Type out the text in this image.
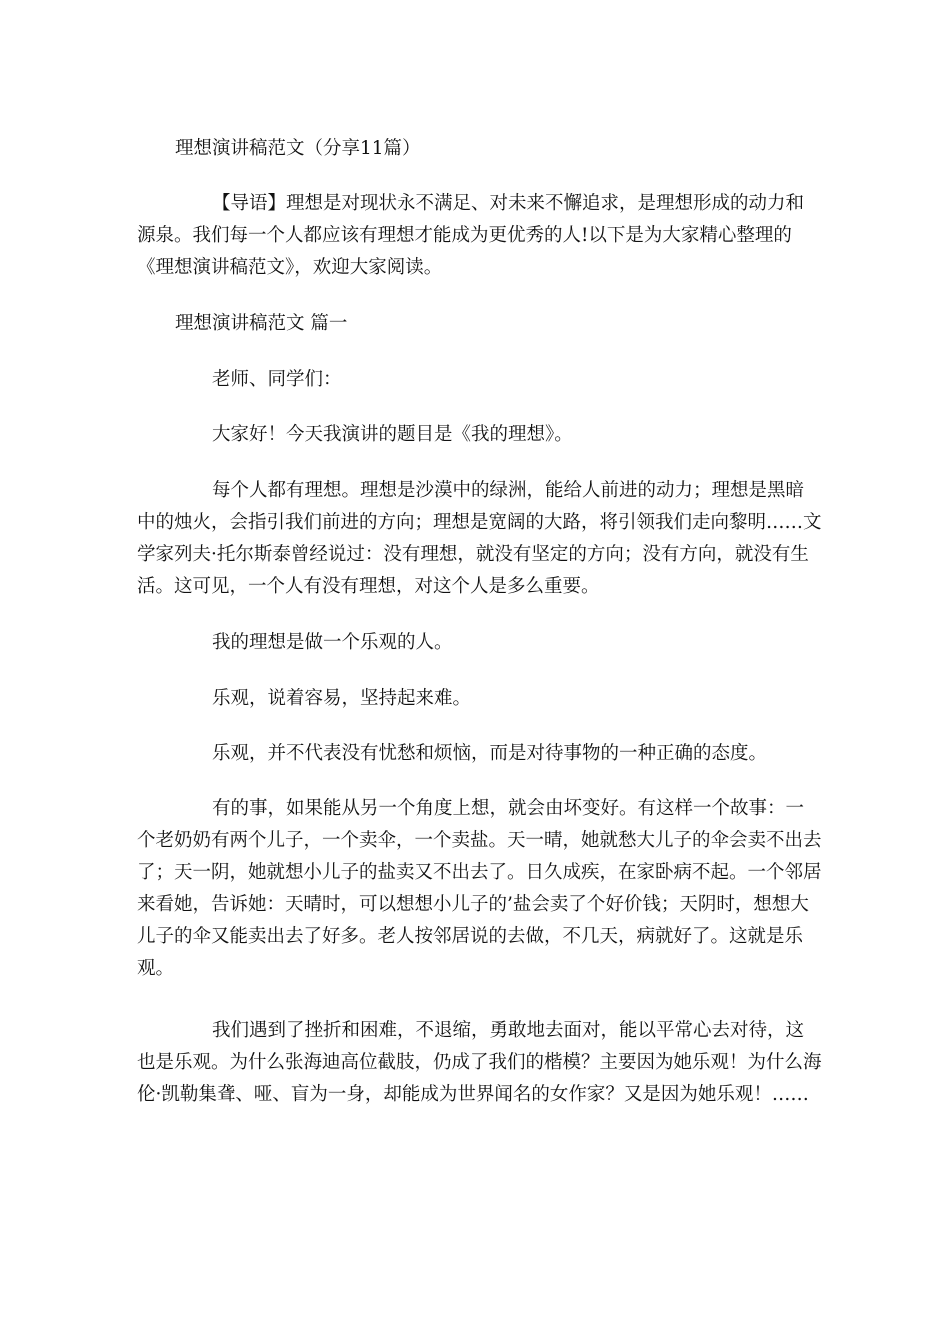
理想演讲稿范文（分享11篇）

【导语】理想是对现状永不满足、对未来不懈追求，是理想形成的动力和源泉。我们每一个人都应该有理想才能成为更优秀的人!以下是为大家精心整理的《理想演讲稿范文》，欢迎大家阅读。

理想演讲稿范文 篇一

老师、同学们：

大家好！今天我演讲的题目是《我的理想》。

每个人都有理想。理想是沙漠中的绿洲，能给人前进的动力；理想是黑暗中的烛火，会指引我们前进的方向；理想是宽阔的大路，将引领我们走向黎明……文学家列夫·托尔斯泰曾经说过：没有理想，就没有坚定的方向；没有方向，就没有生活。这可见，一个人有没有理想，对这个人是多么重要。

我的理想是做一个乐观的人。

乐观，说着容易，坚持起来难。

乐观，并不代表没有忧愁和烦恼，而是对待事物的一种正确的态度。

有的事，如果能从另一个角度上想，就会由坏变好。有这样一个故事：一个老奶奶有两个儿子，一个卖伞，一个卖盐。天一晴，她就愁大儿子的伞会卖不出去了；天一阴，她就想小儿子的盐卖又不出去了。日久成疾，在家卧病不起。一个邻居来看她，告诉她：天晴时，可以想想小儿子的’盐会卖了个好价钱；天阴时，想想大儿子的伞又能卖出去了好多。老人按邻居说的去做，不几天，病就好了。这就是乐观。

我们遇到了挫折和困难，不退缩，勇敢地去面对，能以平常心去对待，这也是乐观。为什么张海迪高位截肢，仍成了我们的楷模？主要因为她乐观！为什么海伦·凯勒集聋、哑、盲为一身，却能成为世界闻名的女作家？又是因为她乐观！……
